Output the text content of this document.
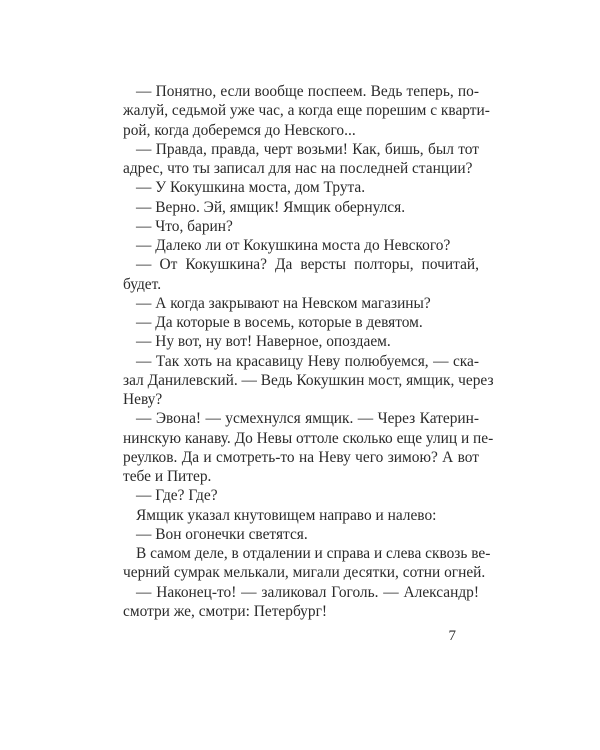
— Понятно, если вообще поспеем. Ведь теперь, по-
жалуй, седьмой уже час, а когда еще порешим с кварти-
рой, когда доберемся до Невского...
— Правда, правда, черт возьми! Как, бишь, был тот
адрес, что ты записал для нас на последней станции?
— У Кокушкина моста, дом Трута.
— Верно. Эй, ямщик! Ямщик обернулся.
— Что, барин?
— Далеко ли от Кокушкина моста до Невского?
— От Кокушкина? Да версты полторы, почитай,
будет.
— А когда закрывают на Невском магазины?
— Да которые в восемь, которые в девятом.
— Ну вот, ну вот! Наверное, опоздаем.
— Так хоть на красавицу Неву полюбуемся, — ска-
зал Данилевский. — Ведь Кокушкин мост, ямщик, через
Неву?
— Эвона! — усмехнулся ямщик. — Через Катерин-
нинскую канаву. До Невы оттоле сколько еще улиц и пе-
реулков. Да и смотреть-то на Неву чего зимою? А вот
тебе и Питер.
— Где? Где?
Ямщик указал кнутовищем направо и налево:
— Вон огонечки светятся.
В самом деле, в отдалении и справа и слева сквозь ве-
черний сумрак мелькали, мигали десятки, сотни огней.
— Наконец-то! — заликовал Гоголь. — Александр!
смотри же, смотри: Петербург!
7
